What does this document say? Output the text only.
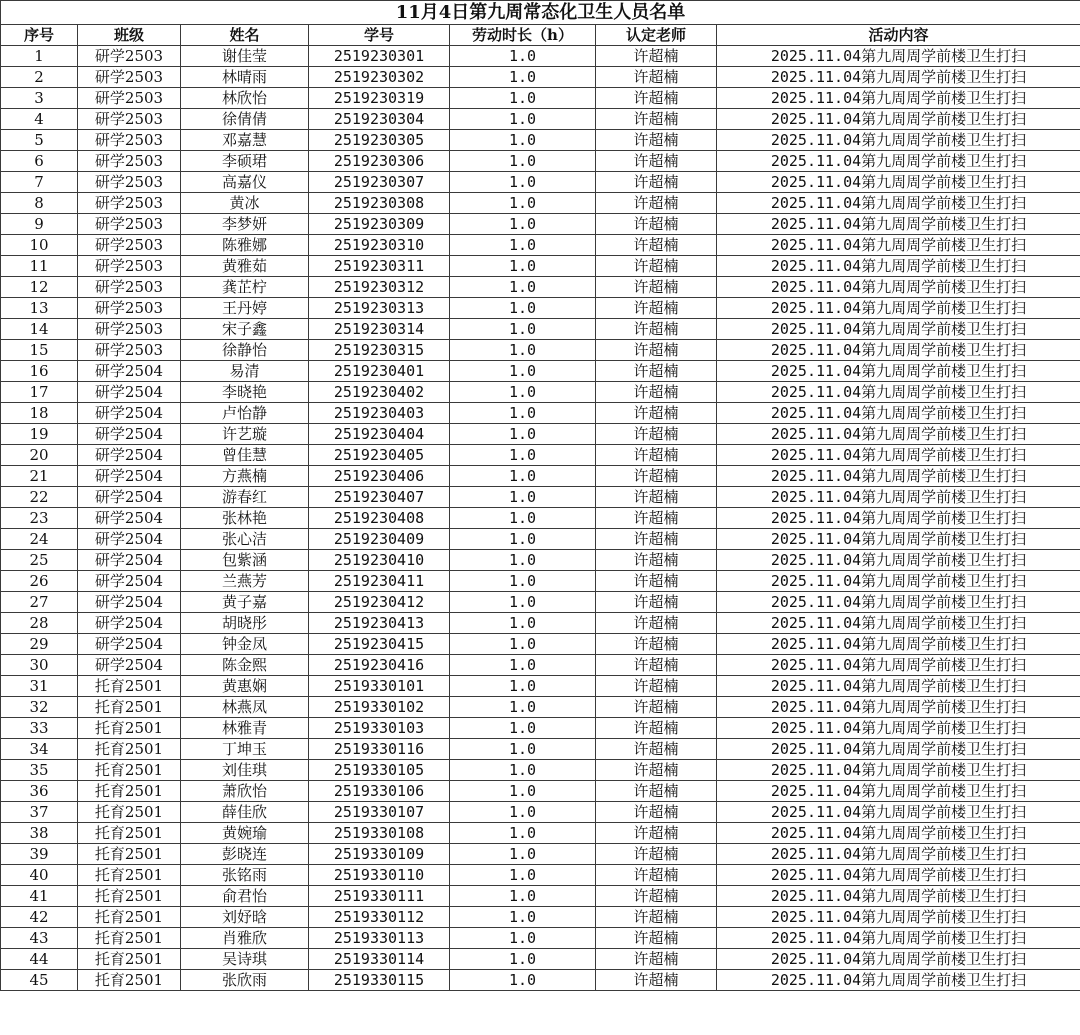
11月4日第九周常态化卫生人员名单
序号	班级	姓名	学号	劳动时长（h）	认定老师	活动内容
1	研学2503	谢佳莹	2519230301	1.0	许超楠	2025.11.04第九周周学前楼卫生打扫
2	研学2503	林晴雨	2519230302	1.0	许超楠	2025.11.04第九周周学前楼卫生打扫
3	研学2503	林欣怡	2519230319	1.0	许超楠	2025.11.04第九周周学前楼卫生打扫
4	研学2503	徐倩倩	2519230304	1.0	许超楠	2025.11.04第九周周学前楼卫生打扫
5	研学2503	邓嘉慧	2519230305	1.0	许超楠	2025.11.04第九周周学前楼卫生打扫
6	研学2503	李硕珺	2519230306	1.0	许超楠	2025.11.04第九周周学前楼卫生打扫
7	研学2503	高嘉仪	2519230307	1.0	许超楠	2025.11.04第九周周学前楼卫生打扫
8	研学2503	黄冰	2519230308	1.0	许超楠	2025.11.04第九周周学前楼卫生打扫
9	研学2503	李梦妍	2519230309	1.0	许超楠	2025.11.04第九周周学前楼卫生打扫
10	研学2503	陈雅娜	2519230310	1.0	许超楠	2025.11.04第九周周学前楼卫生打扫
11	研学2503	黄雅茹	2519230311	1.0	许超楠	2025.11.04第九周周学前楼卫生打扫
12	研学2503	龚芷柠	2519230312	1.0	许超楠	2025.11.04第九周周学前楼卫生打扫
13	研学2503	王丹婷	2519230313	1.0	许超楠	2025.11.04第九周周学前楼卫生打扫
14	研学2503	宋子鑫	2519230314	1.0	许超楠	2025.11.04第九周周学前楼卫生打扫
15	研学2503	徐静怡	2519230315	1.0	许超楠	2025.11.04第九周周学前楼卫生打扫
16	研学2504	易清	2519230401	1.0	许超楠	2025.11.04第九周周学前楼卫生打扫
17	研学2504	李晓艳	2519230402	1.0	许超楠	2025.11.04第九周周学前楼卫生打扫
18	研学2504	卢怡静	2519230403	1.0	许超楠	2025.11.04第九周周学前楼卫生打扫
19	研学2504	许艺璇	2519230404	1.0	许超楠	2025.11.04第九周周学前楼卫生打扫
20	研学2504	曾佳慧	2519230405	1.0	许超楠	2025.11.04第九周周学前楼卫生打扫
21	研学2504	方燕楠	2519230406	1.0	许超楠	2025.11.04第九周周学前楼卫生打扫
22	研学2504	游春红	2519230407	1.0	许超楠	2025.11.04第九周周学前楼卫生打扫
23	研学2504	张林艳	2519230408	1.0	许超楠	2025.11.04第九周周学前楼卫生打扫
24	研学2504	张心洁	2519230409	1.0	许超楠	2025.11.04第九周周学前楼卫生打扫
25	研学2504	包紫涵	2519230410	1.0	许超楠	2025.11.04第九周周学前楼卫生打扫
26	研学2504	兰燕芳	2519230411	1.0	许超楠	2025.11.04第九周周学前楼卫生打扫
27	研学2504	黄子嘉	2519230412	1.0	许超楠	2025.11.04第九周周学前楼卫生打扫
28	研学2504	胡晓彤	2519230413	1.0	许超楠	2025.11.04第九周周学前楼卫生打扫
29	研学2504	钟金凤	2519230415	1.0	许超楠	2025.11.04第九周周学前楼卫生打扫
30	研学2504	陈金熙	2519230416	1.0	许超楠	2025.11.04第九周周学前楼卫生打扫
31	托育2501	黄惠娴	2519330101	1.0	许超楠	2025.11.04第九周周学前楼卫生打扫
32	托育2501	林燕凤	2519330102	1.0	许超楠	2025.11.04第九周周学前楼卫生打扫
33	托育2501	林雅青	2519330103	1.0	许超楠	2025.11.04第九周周学前楼卫生打扫
34	托育2501	丁坤玉	2519330116	1.0	许超楠	2025.11.04第九周周学前楼卫生打扫
35	托育2501	刘佳琪	2519330105	1.0	许超楠	2025.11.04第九周周学前楼卫生打扫
36	托育2501	萧欣怡	2519330106	1.0	许超楠	2025.11.04第九周周学前楼卫生打扫
37	托育2501	薛佳欣	2519330107	1.0	许超楠	2025.11.04第九周周学前楼卫生打扫
38	托育2501	黄婉瑜	2519330108	1.0	许超楠	2025.11.04第九周周学前楼卫生打扫
39	托育2501	彭晓连	2519330109	1.0	许超楠	2025.11.04第九周周学前楼卫生打扫
40	托育2501	张铭雨	2519330110	1.0	许超楠	2025.11.04第九周周学前楼卫生打扫
41	托育2501	俞君怡	2519330111	1.0	许超楠	2025.11.04第九周周学前楼卫生打扫
42	托育2501	刘妤晗	2519330112	1.0	许超楠	2025.11.04第九周周学前楼卫生打扫
43	托育2501	肖雅欣	2519330113	1.0	许超楠	2025.11.04第九周周学前楼卫生打扫
44	托育2501	吴诗琪	2519330114	1.0	许超楠	2025.11.04第九周周学前楼卫生打扫
45	托育2501	张欣雨	2519330115	1.0	许超楠	2025.11.04第九周周学前楼卫生打扫
